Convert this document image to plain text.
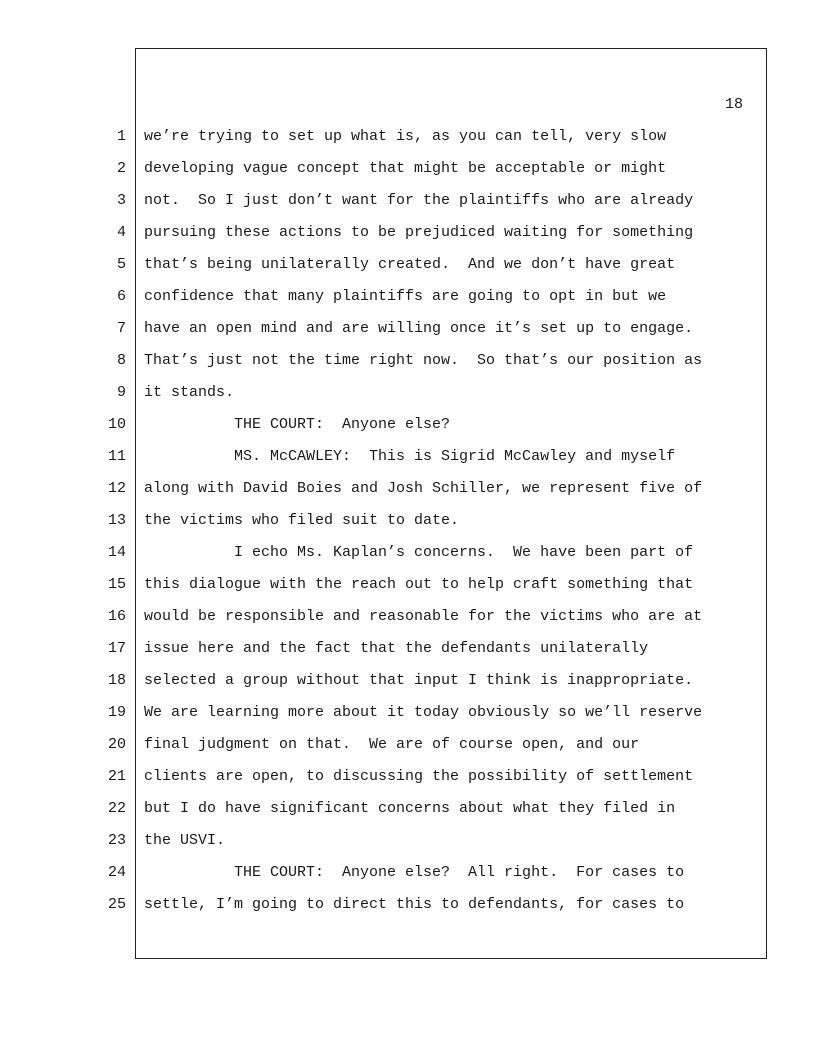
18
1
2
3
4
5
6
7
8
9
10
11
12
13
14
15
16
17
18
19
20
21
22
23
24
25
we’re trying to set up what is, as you can tell, very slow
developing vague concept that might be acceptable or might
not.  So I just don’t want for the plaintiffs who are already
pursuing these actions to be prejudiced waiting for something
that’s being unilaterally created.  And we don’t have great
confidence that many plaintiffs are going to opt in but we
have an open mind and are willing once it’s set up to engage.
That’s just not the time right now.  So that’s our position as
it stands.
THE COURT:  Anyone else?
MS. McCAWLEY:  This is Sigrid McCawley and myself
along with David Boies and Josh Schiller, we represent five of
the victims who filed suit to date.
I echo Ms. Kaplan’s concerns.  We have been part of
this dialogue with the reach out to help craft something that
would be responsible and reasonable for the victims who are at
issue here and the fact that the defendants unilaterally
selected a group without that input I think is inappropriate.
We are learning more about it today obviously so we’ll reserve
final judgment on that.  We are of course open, and our
clients are open, to discussing the possibility of settlement
but I do have significant concerns about what they filed in
the USVI.
THE COURT:  Anyone else?  All right.  For cases to
settle, I’m going to direct this to defendants, for cases to
